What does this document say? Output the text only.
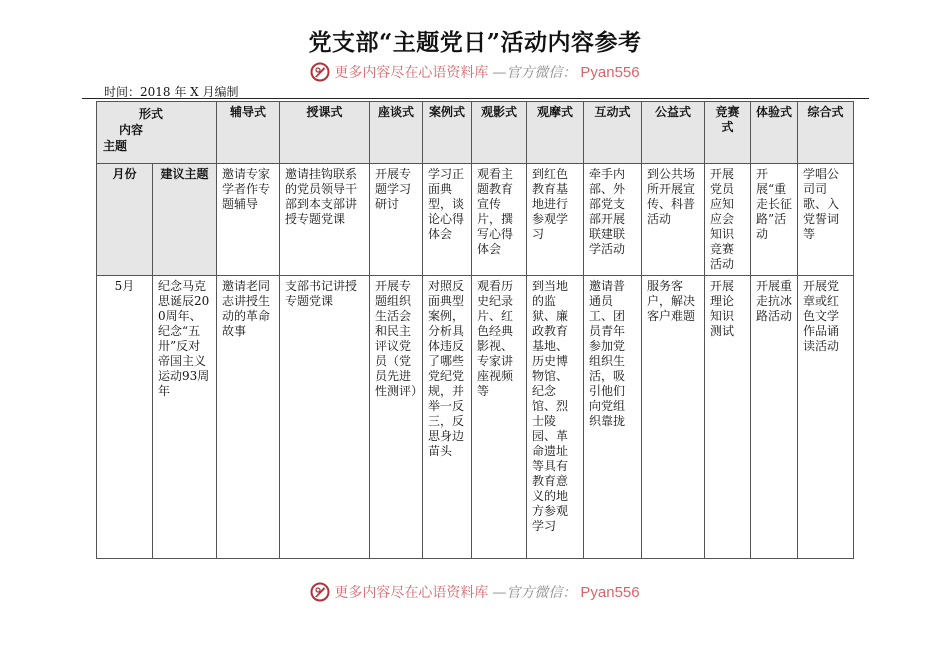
党支部“主题党日”活动内容参考
更多内容尽在心语资料库 —官方微信： Pyan556
时间：2018 年 X 月编制
形式
内容
主题		辅导式	授课式	座谈式	案例式	观影式	观摩式	互动式	公益式	竞赛式	体验式	综合式
月份	建议主题	邀请专家学者作专题辅导	邀请挂钩联系的党员领导干部到本支部讲授专题党课	开展专题学习研讨	学习正面典型，谈论心得体会	观看主题教育宣传片，撰写心得体会	到红色教育基地进行参观学习	牵手内部、外部党支部开展联建联学活动	到公共场所开展宣传、科普活动	开展党员应知应会知识竞赛活动	开展“重走长征路”活动	学唱公司司歌、入党誓词等
5月	纪念马克思诞辰200周年、纪念“五卅”反对帝国主义运动93周年	邀请老同志讲授生动的革命故事	支部书记讲授专题党课	开展专题组织生活会和民主评议党员（党员先进性测评）	对照反面典型案例，分析具体违反了哪些党纪党规，并举一反三，反思身边苗头	观看历史纪录片、红色经典影视、专家讲座视频等	到当地的监狱、廉政教育基地、历史博物馆、纪念馆、烈士陵园、革命遗址等具有教育意义的地方参观学习	邀请普通员工、团员青年参加党组织生活，吸引他们向党组织靠拢	服务客户，解决客户难题	开展理论知识测试	开展重走抗冰路活动	开展党章或红色文学作品诵读活动
更多内容尽在心语资料库 —官方微信： Pyan556
